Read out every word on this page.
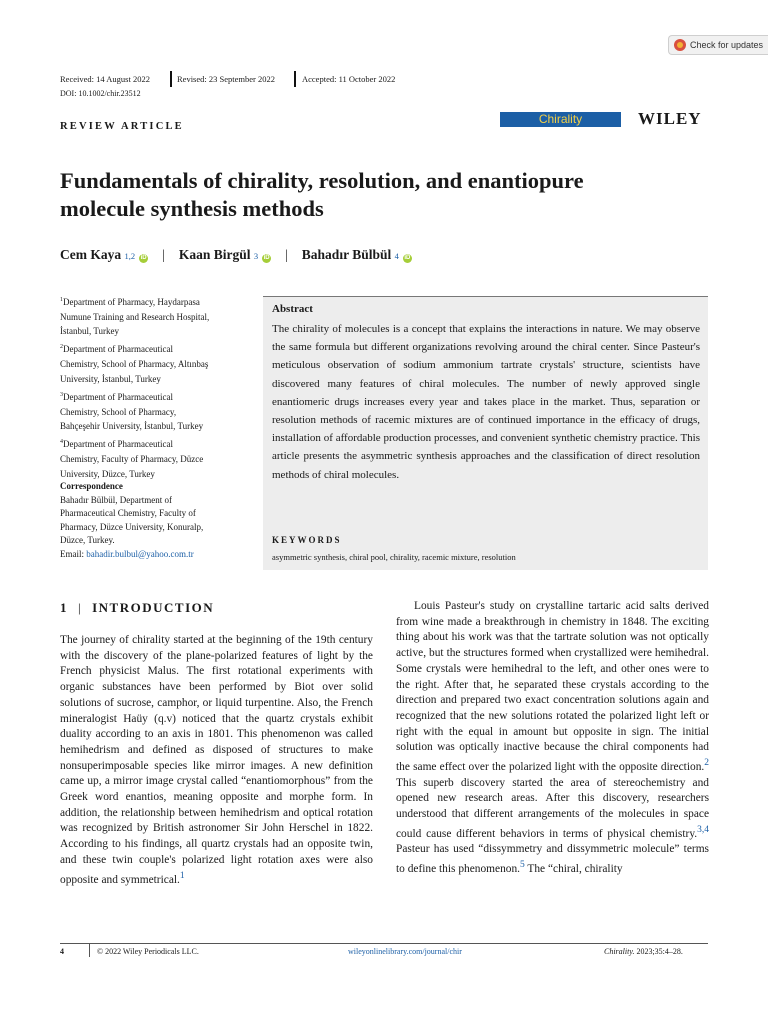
Check for updates
Received: 14 August 2022	Revised: 23 September 2022	Accepted: 11 October 2022
DOI: 10.1002/chir.23512
REVIEW ARTICLE
Chirality	WILEY
Fundamentals of chirality, resolution, and enantiopure
molecule synthesis methods
Cem Kaya
1,2 iD | Kaan Birgül
3 iD | Bahadır Bülbül
4 iD
$^1$Department of Pharmacy, Haydarpasa
Numune Training and Research Hospital,
İstanbul, Turkey
$^2$Department of Pharmaceutical
Chemistry, School of Pharmacy, Altınbaş
University, İstanbul, Turkey
$^3$Department of Pharmaceutical
Chemistry, School of Pharmacy,
Bahçeşehir University, İstanbul, Turkey
$^4$Department of Pharmaceutical
Chemistry, Faculty of Pharmacy, Düzce
University, Düzce, Turkey
Correspondence
Bahadır Bülbül, Department of
Pharmaceutical Chemistry, Faculty of
Pharmacy, Düzce University, Konuralp,
Düzce, Turkey.
Email: bahadir.bulbul@yahoo.com.tr
Abstract

The chirality of molecules is a concept that explains the interactions in nature. We may observe the same formula but different organizations revolving around the chiral center. Since Pasteur's meticulous observation of sodium ammonium tartrate crystals' structure, scientists have discovered many features of chiral molecules. The number of newly approved single enantiomeric drugs increases every year and takes place in the market. Thus, separation or resolution methods of racemic mixtures are of continued importance in the efficacy of drugs, installation of affordable production processes, and convenient synthetic chemistry practice. This article presents the asymmetric synthesis approaches and the classification of direct resolution methods of chiral molecules.

KEYWORDS
asymmetric synthesis, chiral pool, chirality, racemic mixture, resolution
1 | INTRODUCTION

The journey of chirality started at the beginning of the 19th century with the discovery of the plane-polarized features of light by the French physicist Malus. The first rotational experiments with organic substances have been performed by Biot over solid solutions of sucrose, camphor, or liquid turpentine. Also, the French mineralogist Haüy (q.v) noticed that the quartz crystals exhibit duality according to an axis in 1801. This phenomenon was called hemihedrism and defined as disposed of structures to make nonsuperimposable species like mirror images. A new definition came up, a mirror image crystal called “enantiomorphous” from the Greek word enantios, meaning opposite and morphe form. In addition, the relationship between hemihedrism and optical rotation was recognized by British astronomer Sir John Herschel in 1822. According to his findings, all quartz crystals had an opposite twin, and these twin couple's polarized light rotation axes were also opposite and symmetrical.$^1$

Louis Pasteur's study on crystalline tartaric acid salts derived from wine made a breakthrough in chemistry in 1848. The exciting thing about his work was that the tartrate solution was not optically active, but the structures formed when crystallized were hemihedral. Some crystals were hemihedral to the left, and other ones were to the right. After that, he separated these crystals according to the direction and prepared two exact concentration solutions again and recognized that the new solutions rotated the polarized light left or right with the equal in amount but opposite in sign. The initial solution was optically inactive because the chiral components had the same effect over the polarized light with the opposite direction.$^2$ This superb discovery started the area of stereochemistry and opened new research areas. After this discovery, researchers understood that different arrangements of the molecules in space could cause different behaviors in terms of physical chemistry.$^{3,4}$ Pasteur has used “dissymmetry and dissymmetric molecule” terms to define this phenomenon.$^5$ The “chiral, chirality

4	© 2022 Wiley Periodicals LLC.	wileyonlinelibrary.com/journal/chir	Chirality. 2023;35:4–28.
